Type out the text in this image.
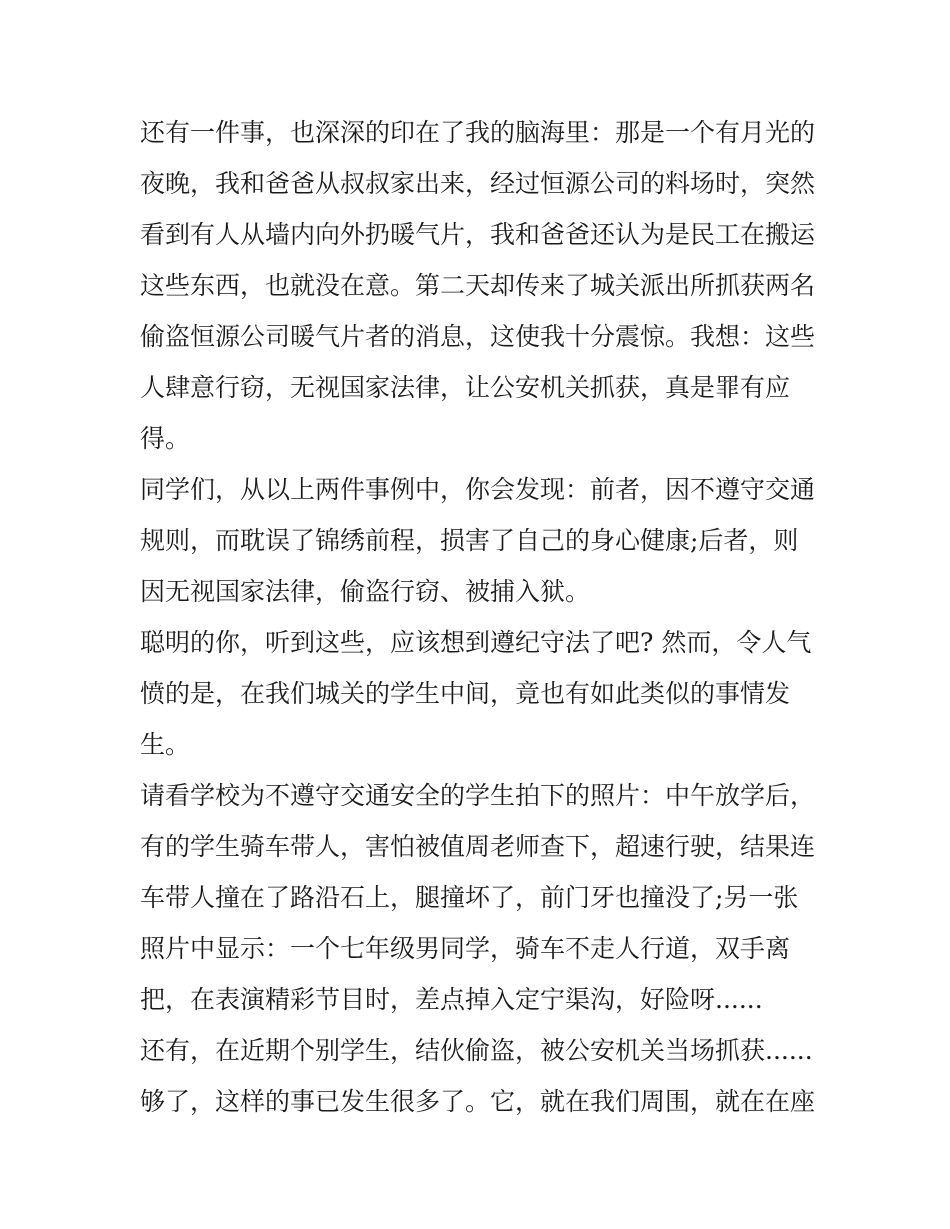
还有一件事，也深深的印在了我的脑海里：那是一个有月光的
夜晚，我和爸爸从叔叔家出来，经过恒源公司的料场时，突然
看到有人从墙内向外扔暖气片，我和爸爸还认为是民工在搬运
这些东西，也就没在意。第二天却传来了城关派出所抓获两名
偷盗恒源公司暖气片者的消息，这使我十分震惊。我想：这些
人肆意行窃，无视国家法律，让公安机关抓获，真是罪有应
得。
同学们，从以上两件事例中，你会发现：前者，因不遵守交通
规则，而耽误了锦绣前程，损害了自己的身心健康;后者，则
因无视国家法律，偷盗行窃、被捕入狱。
聪明的你，听到这些，应该想到遵纪守法了吧? 然而，令人气
愤的是，在我们城关的学生中间，竟也有如此类似的事情发
生。
请看学校为不遵守交通安全的学生拍下的照片：中午放学后，
有的学生骑车带人，害怕被值周老师查下，超速行驶，结果连
车带人撞在了路沿石上，腿撞坏了，前门牙也撞没了;另一张
照片中显示：一个七年级男同学，骑车不走人行道，双手离
把，在表演精彩节目时，差点掉入定宁渠沟，好险呀......
还有，在近期个别学生，结伙偷盗，被公安机关当场抓获......
够了，这样的事已发生很多了。它，就在我们周围，就在在座
